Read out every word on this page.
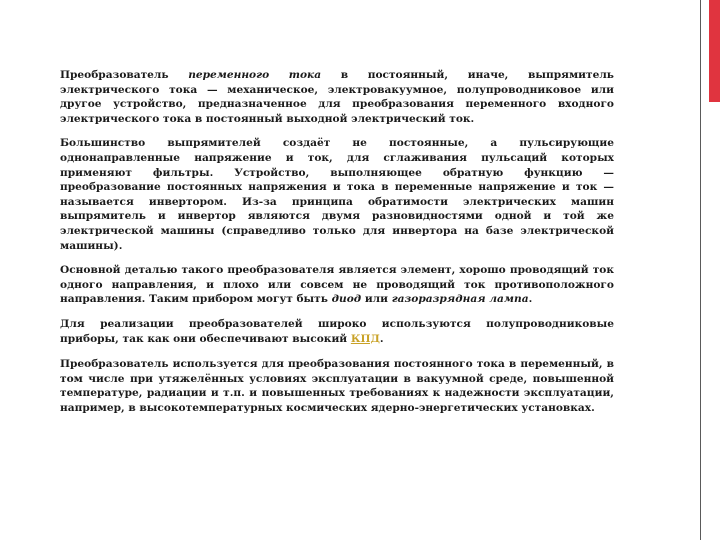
Преобразователь переменного тока в постоянный, иначе, выпрямитель электрического тока — механическое, электровакуумное, полупроводниковое или другое устройство, предназначенное для преобразования переменного входного электрического тока в постоянный выходной электрический ток.

Большинство выпрямителей создаёт не постоянные, а пульсирующие однонаправленные напряжение и ток, для сглаживания пульсаций которых применяют фильтры. Устройство, выполняющее обратную функцию — преобразование постоянных напряжения и тока в переменные напряжение и ток — называется инвертором. Из-за принципа обратимости электрических машин выпрямитель и инвертор являются двумя разновидностями одной и той же электрической машины (справедливо только для инвертора на базе электрической машины).

Основной деталью такого преобразователя является элемент, хорошо проводящий ток одного направления, и плохо или совсем не проводящий ток противоположного направления. Таким прибором могут быть диод или газоразрядная лампа.

Для реализации преобразователей широко используются полупроводниковые приборы, так как они обеспечивают высокий КПД.

Преобразователь используется для преобразования постоянного тока в переменный, в том числе при утяжелённых условиях эксплуатации в вакуумной среде, повышенной температуре, радиации и т.п. и повышенных требованиях к надежности эксплуатации, например, в высокотемпературных космических ядерно-энергетических установках.
